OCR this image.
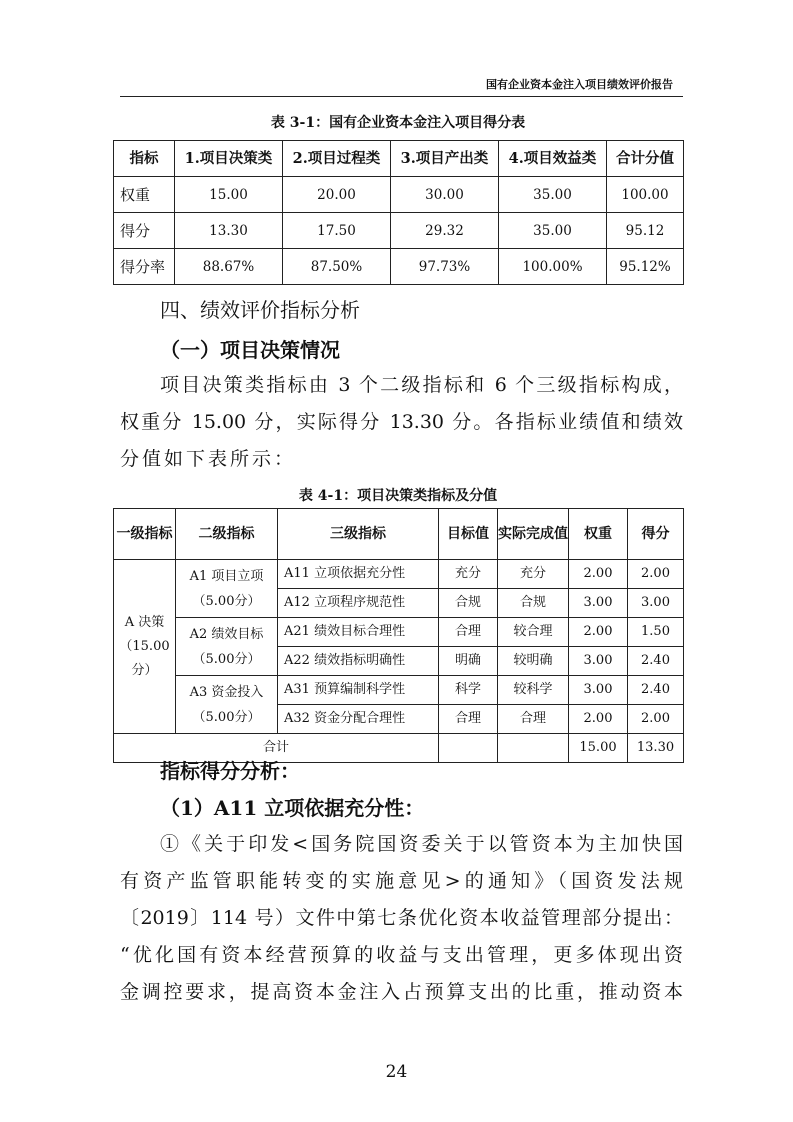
国有企业资本金注入项目绩效评价报告
表 3-1：国有企业资本金注入项目得分表
指标	1.项目决策类	2.项目过程类	3.项目产出类	4.项目效益类	合计分值
权重	15.00	20.00	30.00	35.00	100.00
得分	13.30	17.50	29.32	35.00	95.12
得分率	88.67%	87.50%	97.73%	100.00%	95.12%
四、绩效评价指标分析
（一）项目决策情况
项目决策类指标由 3 个二级指标和 6 个三级指标构成，
权重分 15.00 分，实际得分 13.30 分。各指标业绩值和绩效
分值如下表所示：
表 4-1：项目决策类指标及分值
一级指标	二级指标	三级指标	目标值	实际完成值	权重	得分
A 决策（15.00分）	A1 项目立项（5.00分）	A11 立项依据充分性	充分	充分	2.00	2.00
		A12 立项程序规范性	合规	合规	3.00	3.00
	A2 绩效目标（5.00分）	A21 绩效目标合理性	合理	较合理	2.00	1.50
		A22 绩效指标明确性	明确	较明确	3.00	2.40
	A3 资金投入（5.00分）	A31 预算编制科学性	科学	较科学	3.00	2.40
		A32 资金分配合理性	合理	合理	2.00	2.00
合计					15.00	13.30
指标得分分析：
（1）A11 立项依据充分性：
①《关于印发<国务院国资委关于以管资本为主加快国
有资产监管职能转变的实施意见>的通知》（国资发法规
〔2019〕114 号）文件中第七条优化资本收益管理部分提出：
“优化国有资本经营预算的收益与支出管理，更多体现出资
金调控要求，提高资本金注入占预算支出的比重，推动资本
24
